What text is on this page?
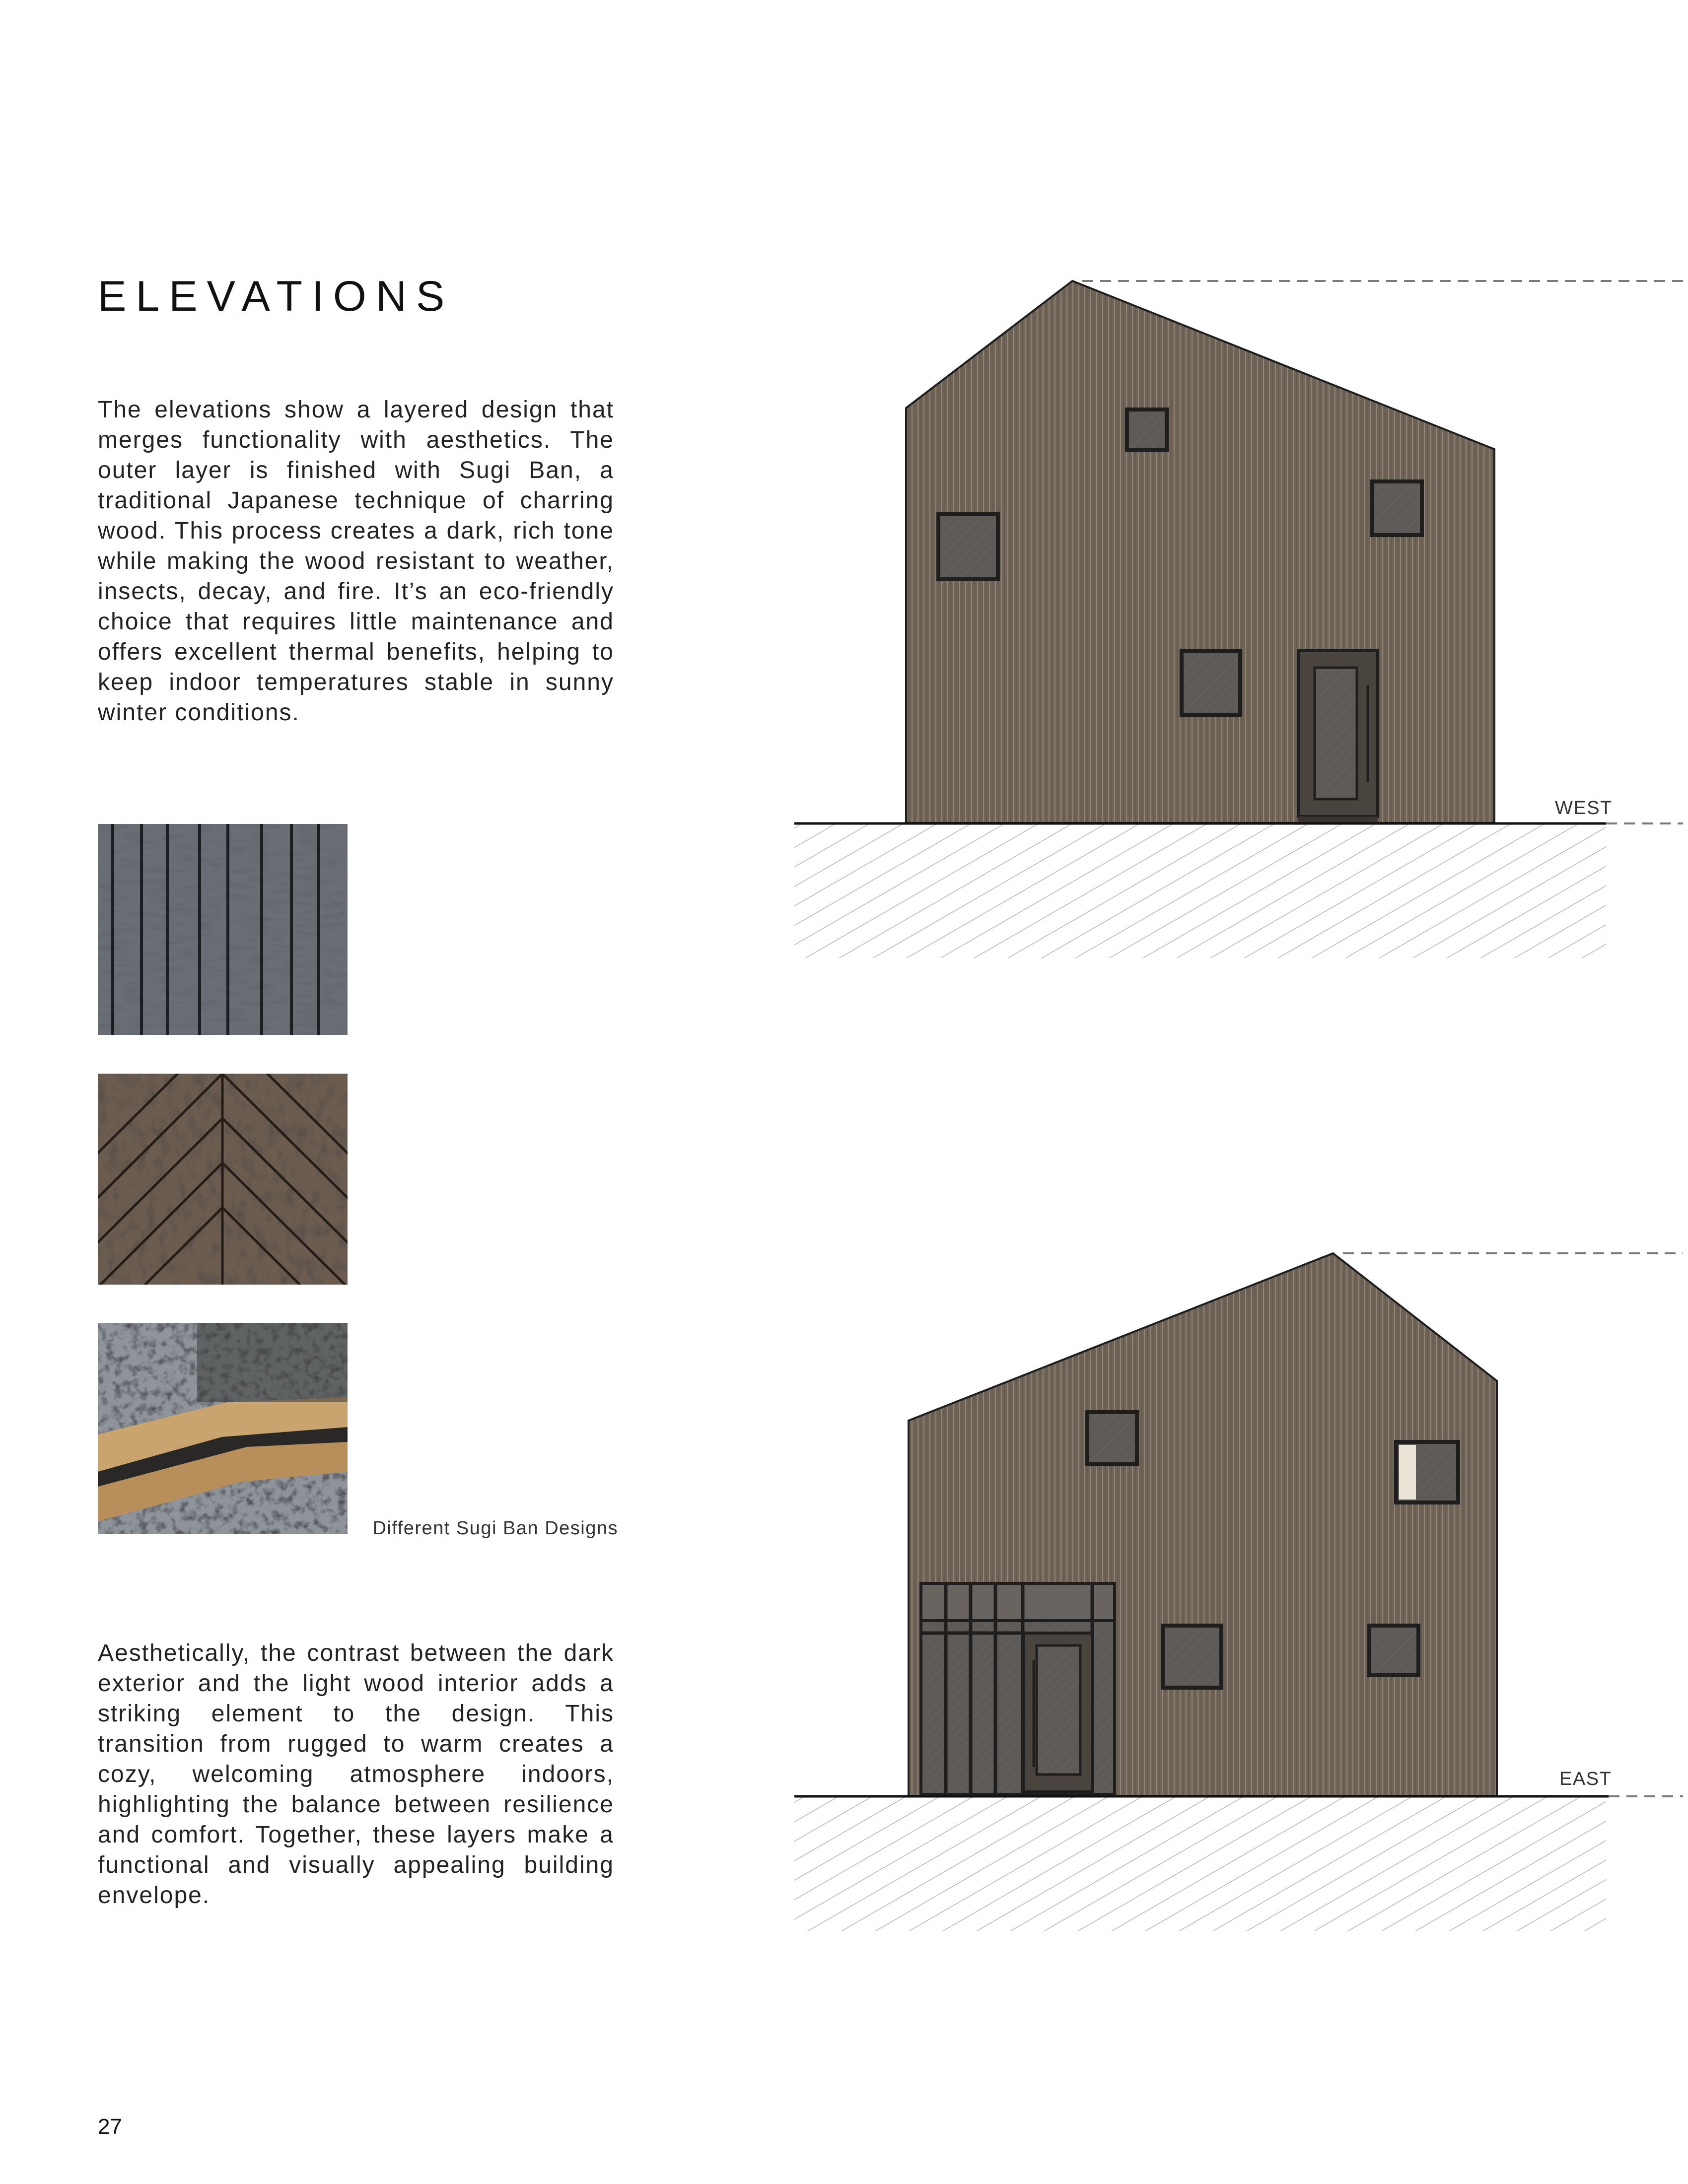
ELEVATIONS

The elevations show a layered design that merges functionality with aesthetics. The outer layer is finished with Sugi Ban, a traditional Japanese technique of charring wood. This process creates a dark, rich tone while making the wood resistant to weather, insects, decay, and fire. It’s an eco-friendly choice that requires little maintenance and offers excellent thermal benefits, helping to keep indoor temperatures stable in sunny winter conditions.

Different Sugi Ban Designs

Aesthetically, the contrast between the dark exterior and the light wood interior adds a striking element to the design. This transition from rugged to warm creates a cozy, welcoming atmosphere indoors, highlighting the balance between resilience and comfort. Together, these layers make a functional and visually appealing building envelope.

WEST
EAST
27
